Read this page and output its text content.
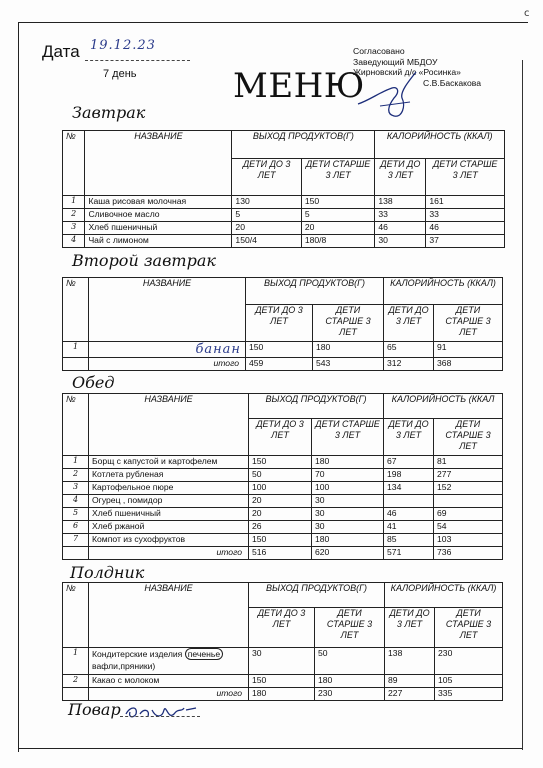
с
Дата 19.12.23
7 день
Согласовано
Заведующий МБДОУ
Жирновский д/с «Росинка»
С.В.Баскакова
МЕНЮ
Завтрак
№	НАЗВАНИЕ	ВЫХОД ПРОДУКТОВ(Г)		КАЛОРИЙНОСТЬ (ККАЛ)	
		ДЕТИ ДО 3 ЛЕТ	ДЕТИ СТАРШЕ 3 ЛЕТ	ДЕТИ ДО 3 ЛЕТ	ДЕТИ СТАРШЕ 3 ЛЕТ
1	Каша рисовая молочная	130	150	138	161
2	Сливочное масло	5	5	33	33
3	Хлеб пшеничный	20	20	46	46
4	Чай с лимоном	150/4	180/8	30	37
Второй завтрак
№	НАЗВАНИЕ	ВЫХОД ПРОДУКТОВ(Г)		КАЛОРИЙНОСТЬ (ККАЛ)	
		ДЕТИ ДО 3 ЛЕТ	ДЕТИ СТАРШЕ 3 ЛЕТ	ДЕТИ ДО 3 ЛЕТ	ДЕТИ СТАРШЕ 3 ЛЕТ
1	банан	150	180	65	91
	итого	459	543	312	368
Обед
№	НАЗВАНИЕ	ВЫХОД ПРОДУКТОВ(Г)		КАЛОРИЙНОСТЬ (ККАЛ	
		ДЕТИ ДО 3 ЛЕТ	ДЕТИ СТАРШЕ 3 ЛЕТ	ДЕТИ ДО 3 ЛЕТ	ДЕТИ СТАРШЕ 3 ЛЕТ
1	Борщ с капустой и картофелем	150	180	67	81
2	Котлета рубленая	50	70	198	277
3	Картофельное пюре	100	100	134	152
4	Огурец , помидор	20	30		
5	Хлеб пшеничный	20	30	46	69
6	Хлеб ржаной	26	30	41	54
7	Компот из сухофруктов	150	180	85	103
	итого	516	620	571	736
Полдник
№	НАЗВАНИЕ	ВЫХОД ПРОДУКТОВ(Г)		КАЛОРИЙНОСТЬ (ККАЛ)	
		ДЕТИ ДО 3 ЛЕТ	ДЕТИ СТАРШЕ 3 ЛЕТ	ДЕТИ ДО 3 ЛЕТ	ДЕТИ СТАРШЕ 3 ЛЕТ
1	Кондитерские изделия печенье
вафли,пряники)	30	50	138	230
2	Какао с молоком	150	180	89	105
	итого	180	230	227	335
Повар
